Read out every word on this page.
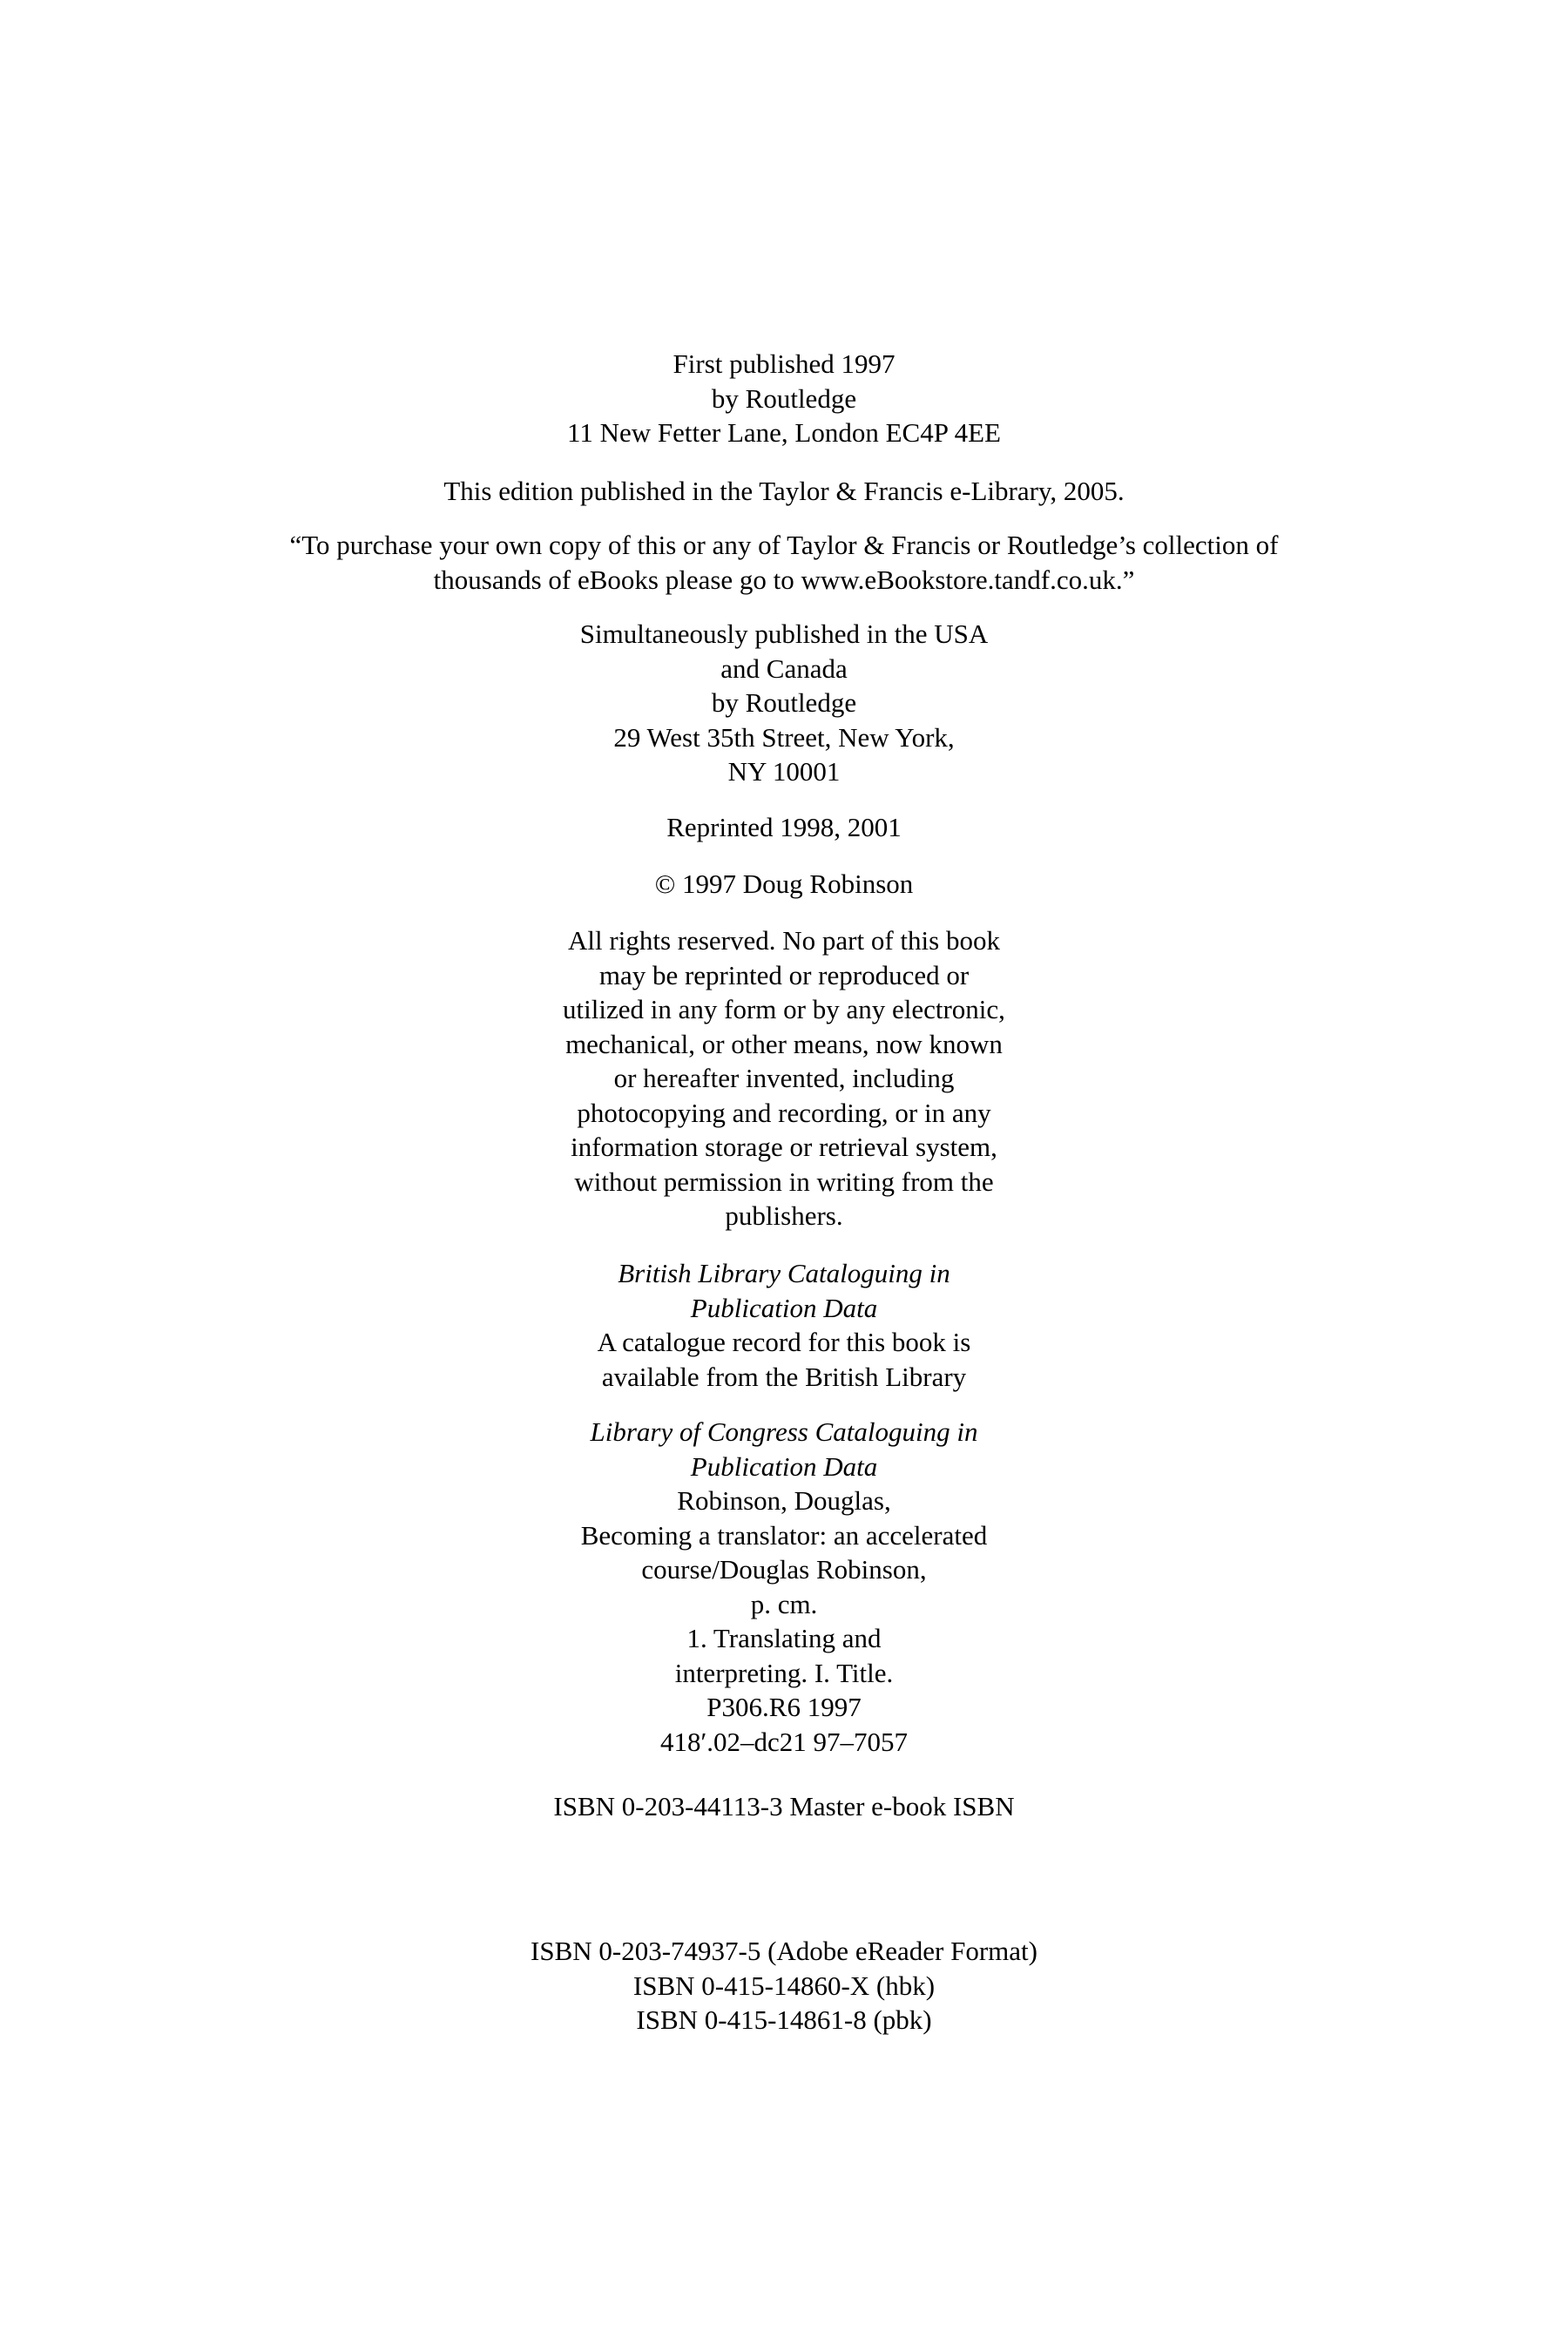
First published 1997
by Routledge
11 New Fetter Lane, London EC4P 4EE
This edition published in the Taylor & Francis e-Library, 2005.
“To purchase your own copy of this or any of Taylor & Francis or Routledge’s collection of
thousands of eBooks please go to www.eBookstore.tandf.co.uk.”
Simultaneously published in the USA
and Canada
by Routledge
29 West 35th Street, New York,
NY 10001
Reprinted 1998, 2001
© 1997 Doug Robinson
All rights reserved. No part of this book
may be reprinted or reproduced or
utilized in any form or by any electronic,
mechanical, or other means, now known
or hereafter invented, including
photocopying and recording, or in any
information storage or retrieval system,
without permission in writing from the
publishers.
British Library Cataloguing in
Publication Data
A catalogue record for this book is
available from the British Library
Library of Congress Cataloguing in
Publication Data
Robinson, Douglas,
Becoming a translator: an accelerated
course/Douglas Robinson,
p. cm.
1. Translating and
interpreting. I. Title.
P306.R6 1997
418′.02–dc21 97–7057
ISBN 0-203-44113-3 Master e-book ISBN
ISBN 0-203-74937-5 (Adobe eReader Format)
ISBN 0-415-14860-X (hbk)
ISBN 0-415-14861-8 (pbk)
